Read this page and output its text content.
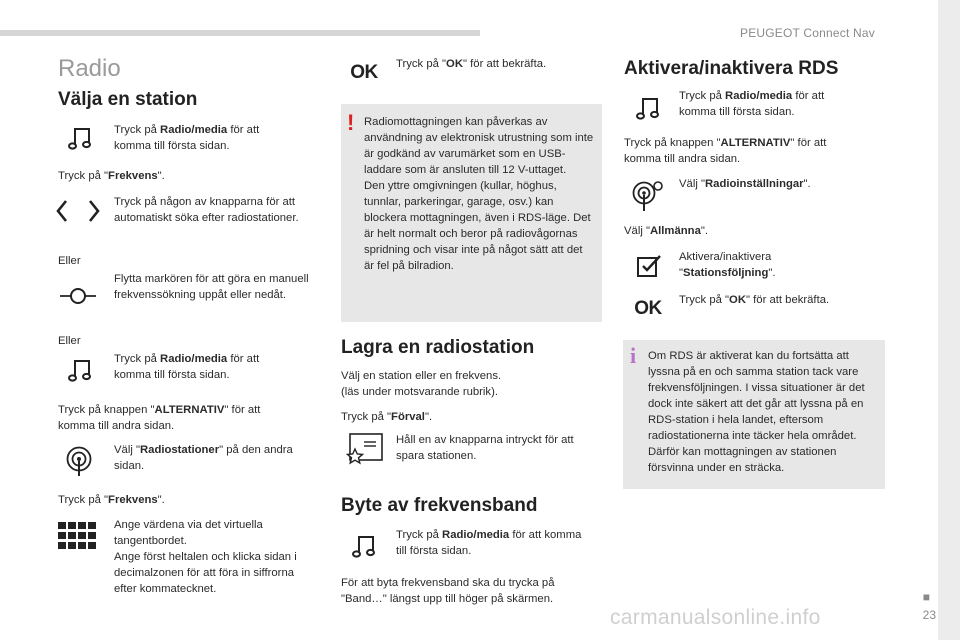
PEUGEOT Connect Nav
■
23
Radio
Välja en station
Tryck på Radio/media för att komma till första sidan.
Tryck på "Frekvens".
Tryck på någon av knapparna för att automatiskt söka efter radiostationer.
Eller
Flytta markören för att göra en manuell frekvenssökning uppåt eller nedåt.
Eller
Tryck på Radio/media för att komma till första sidan.
Tryck på knappen "ALTERNATIV" för att komma till andra sidan.
Välj "Radiostationer" på den andra sidan.
Tryck på "Frekvens".
Ange värdena via det virtuella tangentbordet.
Ange först heltalen och klicka sidan i decimalzonen för att föra in siffrorna efter kommatecknet.
OK	Tryck på "OK" för att bekräfta.
! Radiomottagningen kan påverkas av användning av elektronisk utrustning som inte är godkänd av varumärket som en USB-laddare som är ansluten till 12 V-uttaget.
Den yttre omgivningen (kullar, höghus, tunnlar, parkeringar, garage, osv.) kan blockera mottagningen, även i RDS-läge. Det är helt normalt och beror på radiovågornas spridning och visar inte på något sätt att det är fel på bilradion.
Lagra en radiostation
Välj en station eller en frekvens.
(läs under motsvarande rubrik).
Tryck på "Förval".
Håll en av knapparna intryckt för att spara stationen.
Byte av frekvensband
Tryck på Radio/media för att komma till första sidan.
För att byta frekvensband ska du trycka på "Band…" längst upp till höger på skärmen.
Aktivera/inaktivera RDS
Tryck på Radio/media för att komma till första sidan.
Tryck på knappen "ALTERNATIV" för att komma till andra sidan.
Välj "Radioinställningar".
Välj "Allmänna".
Aktivera/inaktivera "Stationsföljning".
OK	Tryck på "OK" för att bekräfta.
i Om RDS är aktiverat kan du fortsätta att lyssna på en och samma station tack vare frekvensföljningen. I vissa situationer är det dock inte säkert att det går att lyssna på en RDS-station i hela landet, eftersom radiostationerna inte täcker hela området. Därför kan mottagningen av stationen försvinna under en sträcka.
carmanualsonline.info
